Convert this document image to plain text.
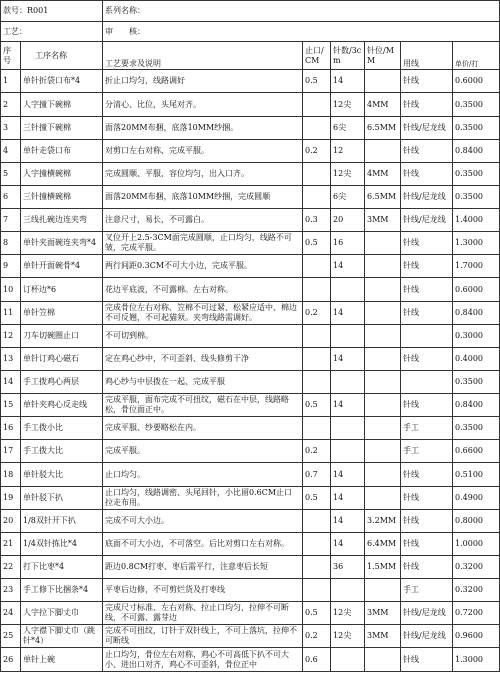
款号：R001		系列名称：					
工艺：		审　　核：					
序号	工序名称	工艺要求及说明	止口/CM	针数/3cm	针位/MM	用线	单价/打
1	单针折袋口布*4	折止口均匀，线路调好	0.5	14		针线	0.6000
2	人字撞下碗棉	分清心、比位，头尾对齐。		12尖	4MM	针线	0.3500
3	三针撞下碗棉	面落20MM布捆，底落10MM纱捆。		6尖	6.5MM	针线/尼龙线	0.3500
4	单针走袋口布	对剪口左右对称，完成平服。	0.2	12		针线	0.8400
5	人字撞横碗棉	完成圆顺、平服，容位均匀，出入口齐。		12尖	4MM	针线	0.3500
6	三针撞横碗棉	面落20MM布捆，底落10MM纱捆，完成圆顺		6尖	6.5MM	针线/尼龙线	0.3500
7	三线扎碗边连夹弯	注意尺寸，易长，不可露白。	0.3	20	3MM	针线/尼龙线	1.4000
8	单针夹面碗连夹弯*4	叉位开上2.5-3CM面完成圆顺，止口均匀，线路不可皱，完成平服。	0.5	16		针线	1.3000
9	单针开面碗骨*4	两行间距0.3CM不可大小边，完成平服。		14		针线	1.7000
10	订杯边*6	花边平底波，不可露棉。左右对称。				针线	0.6000
11	单针笠棉	完成骨位左右对称、笠棉不可过紧、松紧应适中、棉边不可反翘，不可起猫须。夹弯线路需调好。	0.2	14		针线	0.8400
12	刀车切碗圈止口	不可切到棉。					0.3000
13	单针订鸡心磁石	定在鸡心纱中，不可歪斜、线头修剪干净		14		针线	0.4000
14	手工拨鸡心两层	鸡心纱与中层拨在一起、完成平服					0.3500
15	单针夹鸡心反走线	完成平服，面布完成不可扭纹，磁石在中层，线路略松，骨位面正中。	0.5	14		针线	0.8400
16	手工拨小比	完成平服、纱要略松在内。				手工	0.3500
17	手工拨大比	完成平服。	0.2			手工	0.6600
18	单针驳大比	止口均匀。	0.7	14		针线	0.5100
19	单针驳下扒	止口均匀，线路调密、头尾回针，小比留0.6CM止口拉走布用。	0.5	14		针线	0.4900
20	1/8双针开下扒	完成不可大小边。		14	3.2MM	针线	0.8000
21	1/4双针拣比*4	底面不可大小边，不可落空。后比对剪口左右对称。		14	6.4MM	针线	1.0000
22	打下比枣*4	距边0.8CM打枣、枣后需平行，注意枣后长短		36	1.5MM	针线	0.3200
23	手工修下比捆条*4	平枣后边修，不可剪烂货及打枣线				手工	0.3200
24	人字拉下脚丈巾	完成尺寸标准、左右对称、拉止口均匀，拉伸不可断线，不可露、露芽边	0.5	12尖	3MM	针线/尼龙线	0.7200
25	人字襟下脚丈巾（跳针*4）	完成不可扭纹，订针于双针线上，不可上落坑，拉伸不可断线	0.2	12尖	3MM	针线/尼龙线	0.9600
26	单针上碗	止口均匀，骨位左右对称，鸡心不可高低下扒不可大小、进出口对齐，鸡心不可歪斜，骨位正中	0.6			针线	1.3000
